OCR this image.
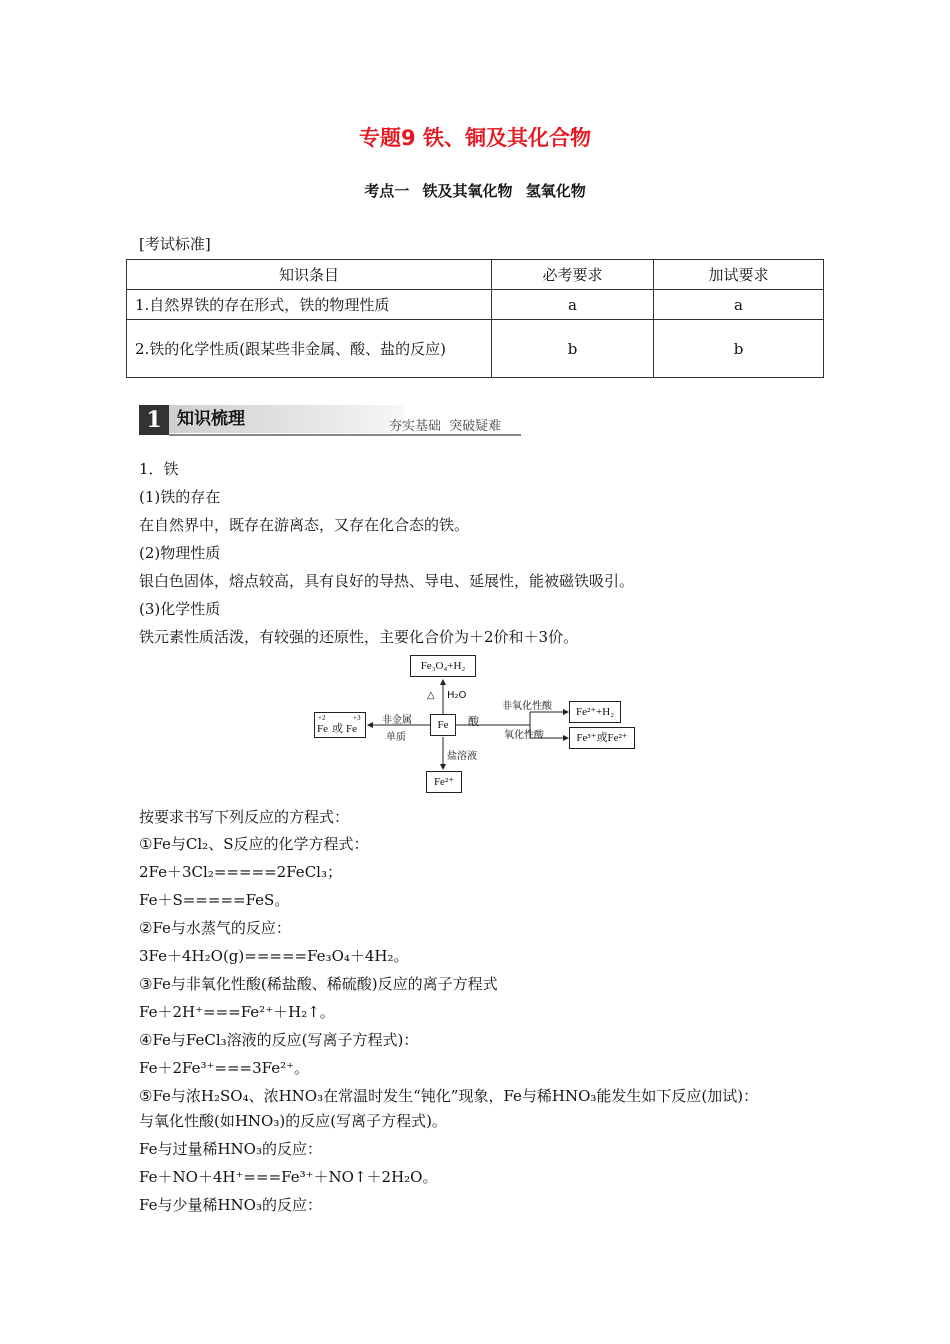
专题9 铁、铜及其化合物
考点一 铁及其氧化物 氢氧化物
[考试标准]
知识条目	必考要求	加试要求
1.自然界铁的存在形式，铁的物理性质	a	a
2.铁的化学性质(跟某些非金属、酸、盐的反应)	b	b
1 知识梳理	夯实基础 突破疑难
1．铁
(1)铁的存在
在自然界中，既存在游离态，又存在化合态的铁。
(2)物理性质
银白色固体，熔点较高，具有良好的导热、导电、延展性，能被磁铁吸引。
(3)化学性质
铁元素性质活泼，有较强的还原性，主要化合价为＋2价和＋3价。
Fe₃O₄+H₂
Fe
Fe²⁺
Fe²⁺+H₂
Fe³⁺或Fe²⁺
+2	+3
Fe 或 Fe
非金属
单质
△ H₂O
盐溶液
酸
非氧化性酸
氧化性酸
按要求书写下列反应的方程式：
①Fe与Cl₂、S反应的化学方程式：
2Fe＋3Cl₂=====2FeCl₃；
Fe＋S=====FeS。
②Fe与水蒸气的反应：
3Fe＋4H₂O(g)=====Fe₃O₄＋4H₂。
③Fe与非氧化性酸(稀盐酸、稀硫酸)反应的离子方程式
Fe＋2H⁺===Fe²⁺＋H₂↑。
④Fe与FeCl₃溶液的反应(写离子方程式)：
Fe＋2Fe³⁺===3Fe²⁺。
⑤Fe与浓H₂SO₄、浓HNO₃在常温时发生“钝化”现象，Fe与稀HNO₃能发生如下反应(加试)：
与氧化性酸(如HNO₃)的反应(写离子方程式)。
Fe与过量稀HNO₃的反应：
Fe＋NO＋4H⁺===Fe³⁺＋NO↑＋2H₂O。
Fe与少量稀HNO₃的反应：
